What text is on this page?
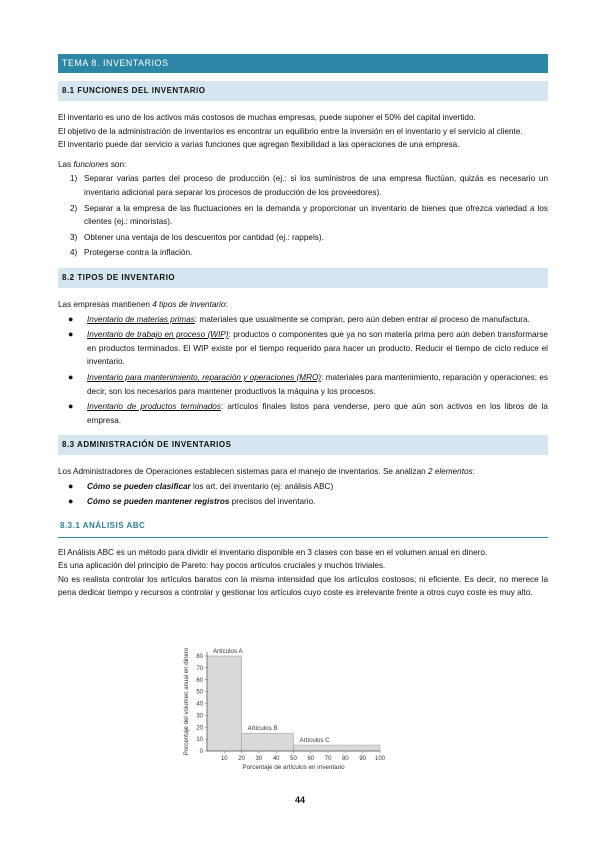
TEMA 8. INVENTARIOS
8.1 FUNCIONES DEL INVENTARIO

El inventario es uno de los activos más costosos de muchas empresas, puede suponer el 50% del capital invertido.

El objetivo de la administración de inventarios es encontrar un equilibrio entre la inversión en el inventario y el servicio al cliente.

El inventario puede dar servicio a varias funciones que agregan flexibilidad a las operaciones de una empresa.

Las funciones son:

1) Separar varias partes del proceso de producción (ej.: si los suministros de una empresa fluctúan, quizás es necesario un inventario adicional para separar los procesos de producción de los proveedores).
2) Separar a la empresa de las fluctuaciones en la demanda y proporcionar un inventario de bienes que ofrezca variedad a los clientes (ej.: minoristas).
3) Obtener una ventaja de los descuentos por cantidad (ej.: rappels).
4) Protegerse contra la inflación.
8.2 TIPOS DE INVENTARIO

Las empresas mantienen 4 tipos de inventario:

● Inventario de materias primas: materiales que usualmente se compran, pero aún deben entrar al proceso de manufactura.
● Inventario de trabajo en proceso (WIP): productos o componentes que ya no son materia prima pero aún deben transformarse en productos terminados. El WIP existe por el tiempo requerido para hacer un producto. Reducir el tiempo de ciclo reduce el inventario.
● Inventario para mantenimiento, reparación y operaciones (MRO): materiales para mantenimiento, reparación y operaciones; es decir, son los necesarios para mantener productivos la máquina y los procesos.
● Inventario de productos terminados: artículos finales listos para venderse, pero que aún son activos en los libros de la empresa.
8.3 ADMINISTRACIÓN DE INVENTARIOS

Los Administradores de Operaciones establecen sistemas para el manejo de inventarios. Se analizan 2 elementos:

● Cómo se pueden clasificar los art. del inventario (ej: análisis ABC)
● Cómo se pueden mantener registros precisos del inventario.
8.3.1 ANÁLISIS ABC

El Análisis ABC es un método para dividir el inventario disponible en 3 clases con base en el volumen anual en dinero.

Es una aplicación del principio de Pareto: hay pocos artículos cruciales y muchos triviales.

No es realista controlar los artículos baratos con la misma intensidad que los artículos costosos; ni eficiente. Es decir, no merece la pena dedicar tiempo y recursos a controlar y gestionar los artículos cuyo coste es irrelevante frente a otros cuyo coste es muy alto.

Artículos A
Artículos B
Artículos C
0
10
20
30
40
50
60
70
80
10 20 30 40 50 60 70 80 90 100
Porcentaje de artículos en inventario
Porcentaje del volumen anual en dinero
44
